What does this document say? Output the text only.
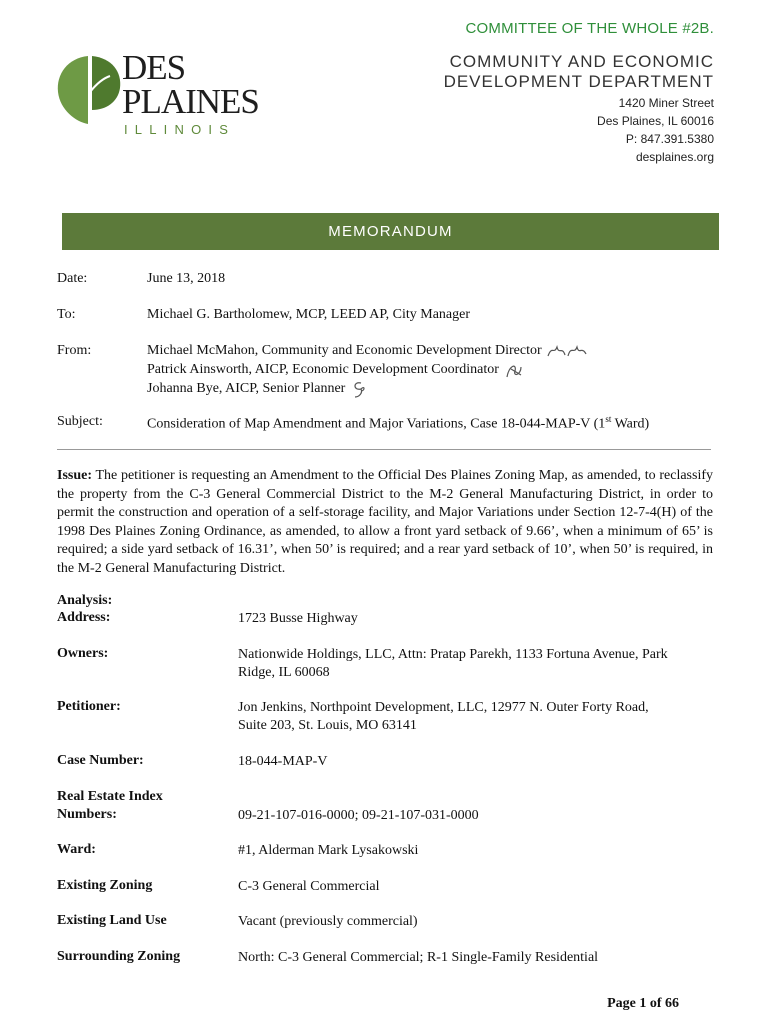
COMMITTEE OF THE WHOLE #2B.
DES
PLAINES
ILLINOIS
COMMUNITY AND ECONOMIC
DEVELOPMENT DEPARTMENT
1420 Miner Street
Des Plaines, IL 60016
P: 847.391.5380
desplaines.org
MEMORANDUM
Date:	June 13, 2018
To:	Michael G. Bartholomew, MCP, LEED AP, City Manager
From:	Michael McMahon, Community and Economic Development Director
Patrick Ainsworth, AICP, Economic Development Coordinator
Johanna Bye, AICP, Senior Planner
Subject:	Consideration of Map Amendment and Major Variations, Case 18-044-MAP-V (1st Ward)
Issue: The petitioner is requesting an Amendment to the Official Des Plaines Zoning Map, as amended, to reclassify the property from the C-3 General Commercial District to the M-2 General Manufacturing District, in order to permit the construction and operation of a self-storage facility, and Major Variations under Section 12-7-4(H) of the 1998 Des Plaines Zoning Ordinance, as amended, to allow a front yard setback of 9.66’, when a minimum of 65’ is required; a side yard setback of 16.31’, when 50’ is required; and a rear yard setback of 10’, when 50’ is required, in the M-2 General Manufacturing District.
Analysis:
Address:	1723 Busse Highway
Owners:	Nationwide Holdings, LLC, Attn: Pratap Parekh, 1133 Fortuna Avenue, Park
Ridge, IL 60068
Petitioner:	Jon Jenkins, Northpoint Development, LLC, 12977 N. Outer Forty Road,
Suite 203, St. Louis, MO 63141
Case Number:	18-044-MAP-V
Real Estate Index
Numbers:	09-21-107-016-0000; 09-21-107-031-0000
Ward:	#1, Alderman Mark Lysakowski
Existing Zoning	C-3 General Commercial
Existing Land Use	Vacant (previously commercial)
Surrounding Zoning	North: C-3 General Commercial; R-1 Single-Family Residential
Page 1 of 66
